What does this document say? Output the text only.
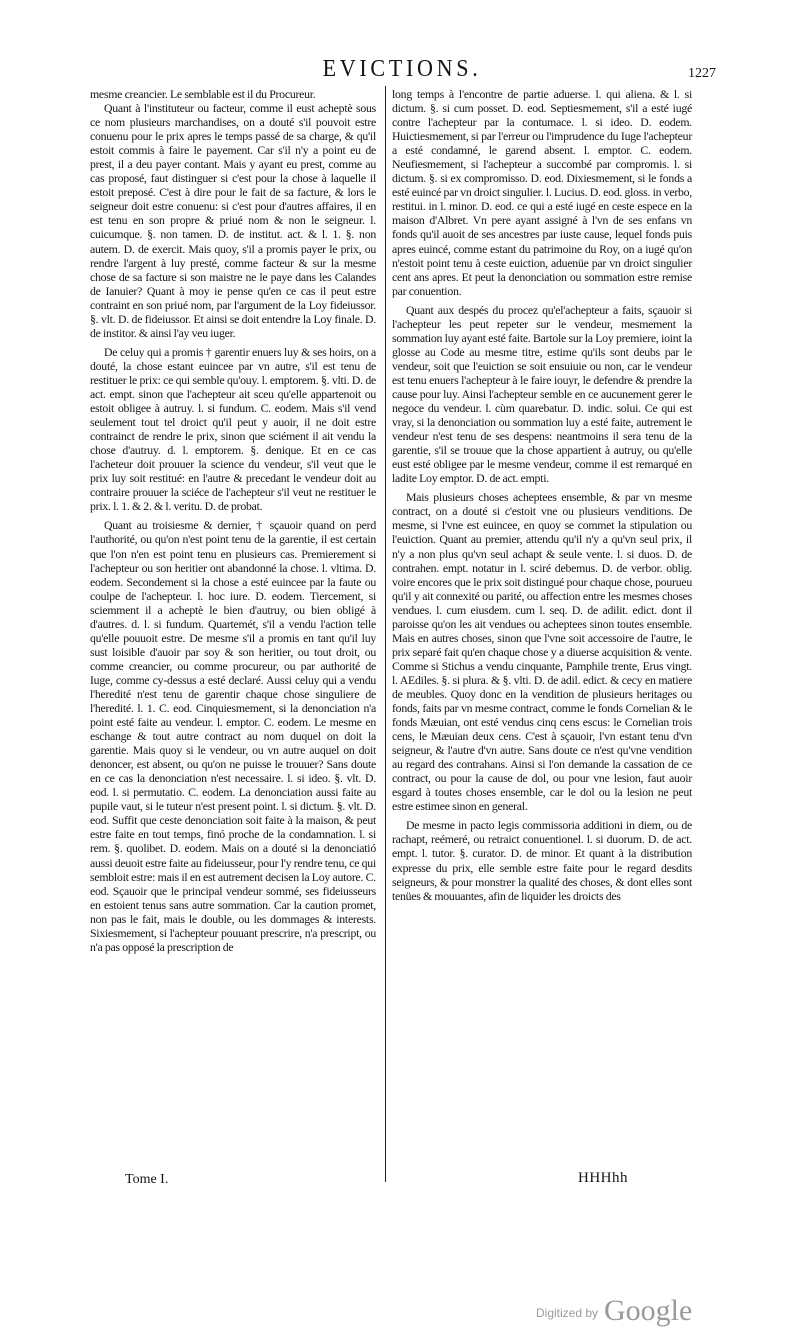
EVICTIONS.	1227

mesme creancier. Le semblable est il du Procureur.

Quant à l'instituteur ou facteur, comme il eust acheptè sous ce nom plusieurs marchandises, on a douté s'il pouvoit estre conuenu pour le prix apres le temps passé de sa charge, & qu'il estoit commis à faire le payement. Car s'il n'y a point eu de prest, il a deu payer contant. Mais y ayant eu prest, comme au cas proposé, faut distinguer si c'est pour la chose à laquelle il estoit preposé. C'est à dire pour le fait de sa facture, & lors le seigneur doit estre conuenu: si c'est pour d'autres affaires, il en est tenu en son propre & priué nom & non le seigneur. l. cuicumque. §. non tamen. D. de institut. act. & l. 1. §. non autem. D. de exercit. Mais quoy, s'il a promis payer le prix, ou rendre l'argent à luy presté, comme facteur & sur la mesme chose de sa facture si son maistre ne le paye dans les Calandes de Ianuier? Quant à moy ie pense qu'en ce cas il peut estre contraint en son priué nom, par l'argument de la Loy fideiussor. §. vlt. D. de fideiussor. Et ainsi se doit entendre la Loy finale. D. de institor. & ainsi l'ay veu iuger.

De celuy qui a promis † garentir enuers luy & ses hoirs, on a douté, la chose estant euincee par vn autre, s'il est tenu de restituer le prix: ce qui semble qu'ouy. l. emptorem. §. vlti. D. de act. empt. sinon que l'achepteur ait sceu qu'elle appartenoit ou estoit obligee à autruy. l. si fundum. C. eodem. Mais s'il vend seulement tout tel droict qu'il peut y auoir, il ne doit estre contrainct de rendre le prix, sinon que sciément il ait vendu la chose d'autruy. d. l. emptorem. §. denique. Et en ce cas l'acheteur doit prouuer la science du vendeur, s'il veut que le prix luy soit restitué: en l'autre & precedant le vendeur doit au contraire prouuer la sciéce de l'achepteur s'il veut ne restituer le prix. l. 1. & 2. & l. veritu. D. de probat.

Quant au troisiesme & dernier, † sçauoir quand on perd l'authorité, ou qu'on n'est point tenu de la garentie, il est certain que l'on n'en est point tenu en plusieurs cas. Premierement si l'achepteur ou son heritier ont abandonné la chose. l. vltima. D. eodem. Secondement si la chose a esté euincee par la faute ou coulpe de l'achepteur. l. hoc iure. D. eodem. Tiercement, si sciemment il a acheptè le bien d'autruy, ou bien obligé à d'autres. d. l. si fundum. Quartemét, s'il a vendu l'action telle qu'elle pouuoit estre. De mesme s'il a promis en tant qu'il luy sust loisible d'auoir par soy & son heritier, ou tout droit, ou comme creancier, ou comme procureur, ou par authorité de Iuge, comme cy-dessus a esté declaré. Aussi celuy qui a vendu l'heredité n'est tenu de garentir chaque chose singuliere de l'heredité. l. 1. C. eod. Cinquiesmement, si la denonciation n'a point esté faite au vendeur. l. emptor. C. eodem. Le mesme en eschange & tout autre contract au nom duquel on doit la garentie. Mais quoy si le vendeur, ou vn autre auquel on doit denoncer, est absent, ou qu'on ne puisse le trouuer? Sans doute en ce cas la denonciation n'est necessaire. l. si ideo. §. vlt. D. eod. l. si permutatio. C. eodem. La denonciation aussi faite au pupile vaut, si le tuteur n'est present point. l. si dictum. §. vlt. D. eod. Suffit que ceste denonciation soit faite à la maison, & peut estre faite en tout temps, finó proche de la condamnation. l. si rem. §. quolibet. D. eodem. Mais on a douté si la denonciatió aussi deuoit estre faite au fideiusseur, pour l'y rendre tenu, ce qui sembloit estre: mais il en est autrement decisen la Loy autore. C. eod. Sçauoir que le principal vendeur sommé, ses fideiusseurs en estoient tenus sans autre sommation. Car la caution promet, non pas le fait, mais le double, ou les dommages & interests. Sixiesmement, si l'achepteur pouuant prescrire, n'a prescript, ou n'a pas opposé la prescription de

long temps à l'encontre de partie aduerse. l. qui aliena. & l. si dictum. §. si cum posset. D. eod. Septiesmement, s'il a esté iugé contre l'achepteur par la contumace. l. si ideo. D. eodem. Huictiesmement, si par l'erreur ou l'imprudence du Iuge l'achepteur a esté condamné, le garend absent. l. emptor. C. eodem. Neufiesmement, si l'achepteur a succombé par compromis. l. si dictum. §. si ex compromisso. D. eod. Dixiesmement, si le fonds a esté euincé par vn droict singulier. l. Lucius. D. eod. gloss. in verbo, restitui. in l. minor. D. eod. ce qui a esté iugé en ceste espece en la maison d'Albret. Vn pere ayant assigné à l'vn de ses enfans vn fonds qu'il auoit de ses ancestres par iuste cause, lequel fonds puis apres euincé, comme estant du patrimoine du Roy, on a iugé qu'on n'estoit point tenu à ceste euiction, aduenüe par vn droict singulier cent ans apres. Et peut la denonciation ou sommation estre remise par conuention.

Quant aux despés du procez qu'el'achepteur a faits, sçauoir si l'achepteur les peut repeter sur le vendeur, mesmement la sommation luy ayant esté faite. Bartole sur la Loy premiere, ioint la glosse au Code au mesme titre, estime qu'ils sont deubs par le vendeur, soit que l'euiction se soit ensuiuie ou non, car le vendeur est tenu enuers l'achepteur à le faire iouyr, le defendre & prendre la cause pour luy. Ainsi l'achepteur semble en ce aucunement gerer le negoce du vendeur. l. cùm quarebatur. D. indic. solui. Ce qui est vray, si la denonciation ou sommation luy a esté faite, autrement le vendeur n'est tenu de ses despens: neantmoins il sera tenu de la garentie, s'il se trouue que la chose appartient à autruy, ou qu'elle eust esté obligee par le mesme vendeur, comme il est remarqué en ladite Loy emptor. D. de act. empti.

Mais plusieurs choses acheptees ensemble, & par vn mesme contract, on a douté si c'estoit vne ou plusieurs venditions. De mesme, si l'vne est euincee, en quoy se commet la stipulation ou l'euiction. Quant au premier, attendu qu'il n'y a qu'vn seul prix, il n'y a non plus qu'vn seul achapt & seule vente. l. si duos. D. de contrahen. empt. notatur in l. sciré debemus. D. de verbor. oblig. voire encores que le prix soit distingué pour chaque chose, pourueu qu'il y ait connexité ou parité, ou affection entre les mesmes choses vendues. l. cum eiusdem. cum l. seq. D. de adilit. edict. dont il paroisse qu'on les ait vendues ou acheptees sinon toutes ensemble. Mais en autres choses, sinon que l'vne soit accessoire de l'autre, le prix separé fait qu'en chaque chose y a diuerse acquisition & vente. Comme si Stichus a vendu cinquante, Pamphile trente, Erus vingt. l. AEdiles. §. si plura. & §. vlti. D. de adil. edict. & cecy en matiere de meubles. Quoy donc en la vendition de plusieurs heritages ou fonds, faits par vn mesme contract, comme le fonds Cornelian & le fonds Mæuian, ont esté vendus cinq cens escus: le Cornelian trois cens, le Mæuian deux cens. C'est à sçauoir, l'vn estant tenu d'vn seigneur, & l'autre d'vn autre. Sans doute ce n'est qu'vne vendition au regard des contrahans. Ainsi si l'on demande la cassation de ce contract, ou pour la cause de dol, ou pour vne lesion, faut auoir esgard à toutes choses ensemble, car le dol ou la lesion ne peut estre estimee sinon en general.

De mesme in pacto legis commissoria additioni in diem, ou de rachapt, reémeré, ou retraict conuentionel. l. si duorum. D. de act. empt. l. tutor. §. curator. D. de minor. Et quant à la distribution expresse du prix, elle semble estre faite pour le regard desdits seigneurs, & pour monstrer la qualité des choses, & dont elles sont tenües & mouuantes, afin de liquider les droicts des

Tome I.	HHHhh
Digitized by Google
